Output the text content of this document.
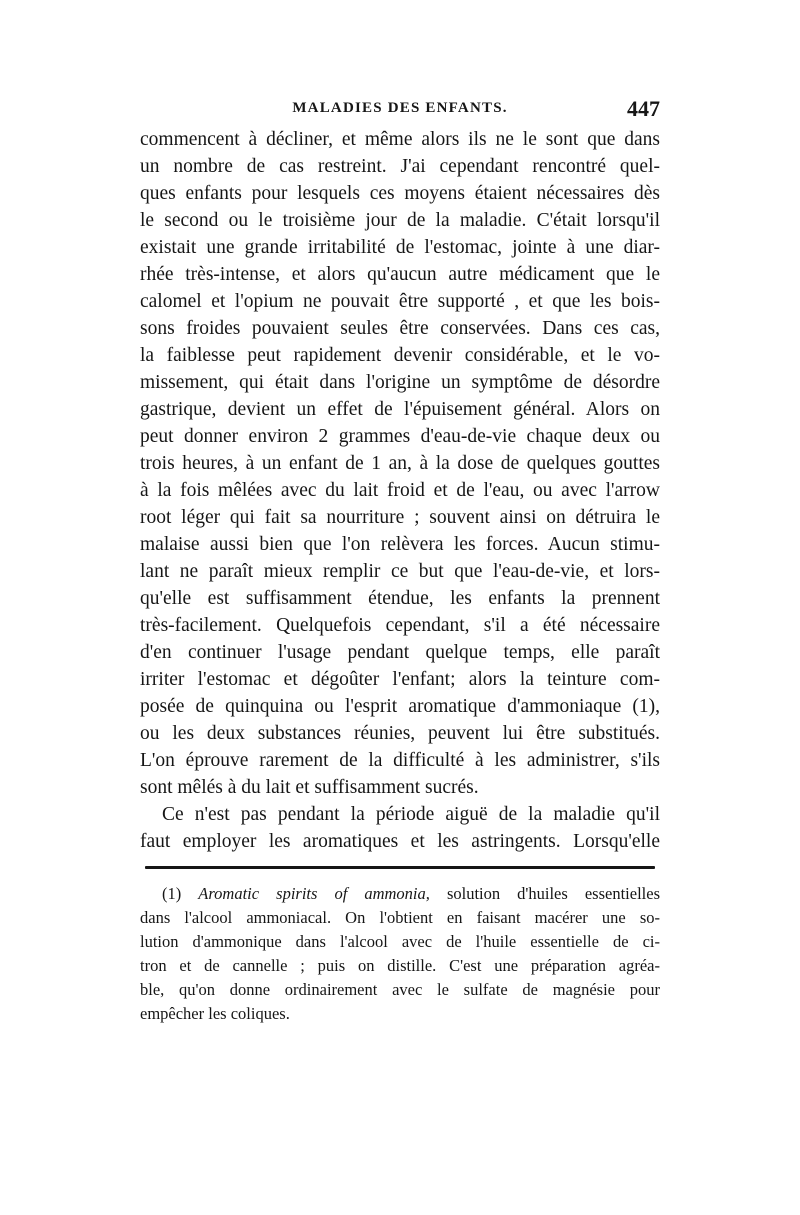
MALADIES DES ENFANTS.	447
commencent à décliner, et même alors ils ne le sont que dans
un nombre de cas restreint. J'ai cependant rencontré quel-
ques enfants pour lesquels ces moyens étaient nécessaires dès
le second ou le troisième jour de la maladie. C'était lorsqu'il
existait une grande irritabilité de l'estomac, jointe à une diar-
rhée très-intense, et alors qu'aucun autre médicament que le
calomel et l'opium ne pouvait être supporté , et que les bois-
sons froides pouvaient seules être conservées. Dans ces cas,
la faiblesse peut rapidement devenir considérable, et le vo-
missement, qui était dans l'origine un symptôme de désordre
gastrique, devient un effet de l'épuisement général. Alors on
peut donner environ 2 grammes d'eau-de-vie chaque deux ou
trois heures, à un enfant de 1 an, à la dose de quelques gouttes
à la fois mêlées avec du lait froid et de l'eau, ou avec l'arrow
root léger qui fait sa nourriture ; souvent ainsi on détruira le
malaise aussi bien que l'on relèvera les forces. Aucun stimu-
lant ne paraît mieux remplir ce but que l'eau-de-vie, et lors-
qu'elle est suffisamment étendue, les enfants la prennent
très-facilement. Quelquefois cependant, s'il a été nécessaire
d'en continuer l'usage pendant quelque temps, elle paraît
irriter l'estomac et dégoûter l'enfant; alors la teinture com-
posée de quinquina ou l'esprit aromatique d'ammoniaque (1),
ou les deux substances réunies, peuvent lui être substitués.
L'on éprouve rarement de la difficulté à les administrer, s'ils
sont mêlés à du lait et suffisamment sucrés.
Ce n'est pas pendant la période aiguë de la maladie qu'il
faut employer les aromatiques et les astringents. Lorsqu'elle
(1) Aromatic spirits of ammonia, solution d'huiles essentielles
dans l'alcool ammoniacal. On l'obtient en faisant macérer une so-
lution d'ammonique dans l'alcool avec de l'huile essentielle de ci-
tron et de cannelle ; puis on distille. C'est une préparation agréa-
ble, qu'on donne ordinairement avec le sulfate de magnésie pour
empêcher les coliques.
